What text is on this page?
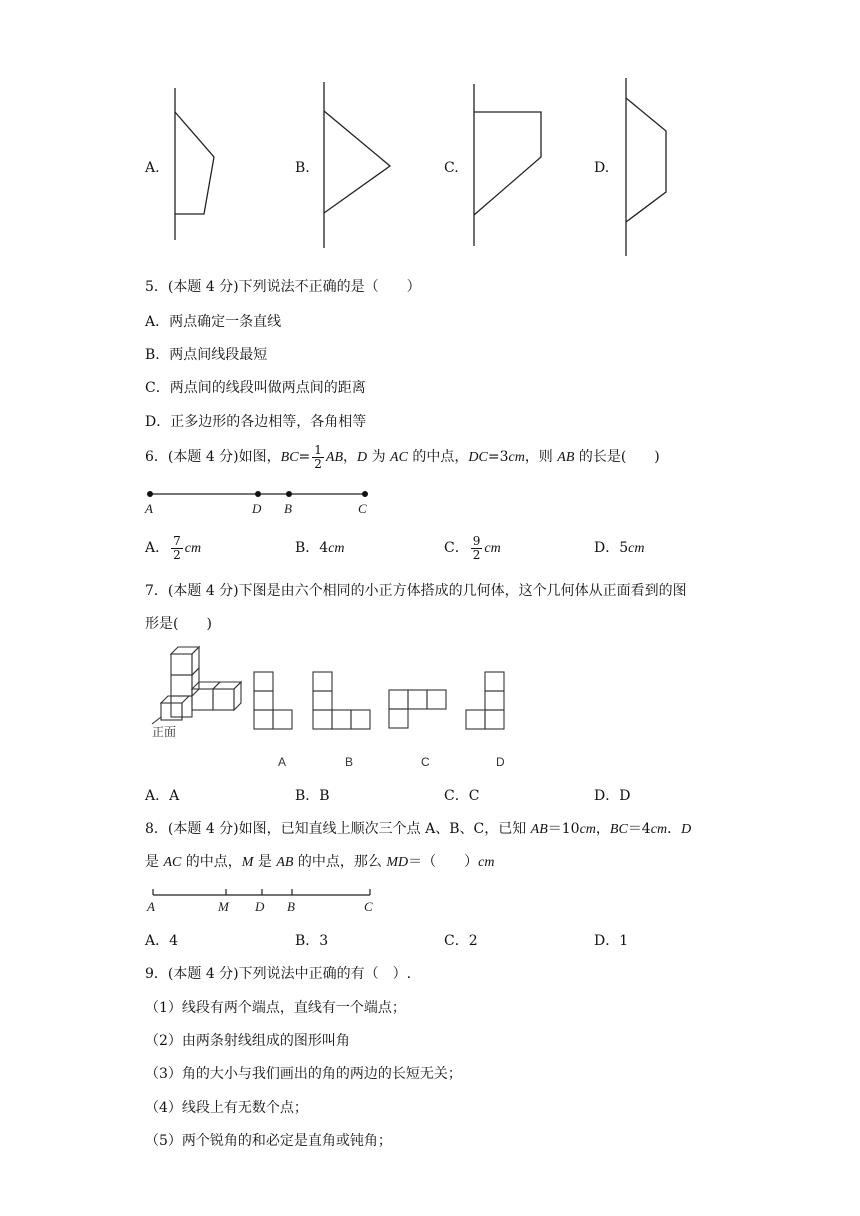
A.	B.	C.	D.
5．(本题 4 分)下列说法不正确的是（　　）
A．两点确定一条直线
B．两点间线段最短
C．两点间的线段叫做两点间的距离
D．正多边形的各边相等，各角相等
6．(本题 4 分)如图，$BC= \frac{1}{2}$ AB，D 为 AC 的中点，DC=3cm，则 AB 的长是(　　)
A	D B	C
A． $\frac{7}{2}$ cm	B．4cm	C． $\frac{9}{2}$ cm	D．5cm
7．(本题 4 分)下图是由六个相同的小正方体搭成的几何体，这个几何体从正面看到的图
形是(　　)
正面
A	B	C	D
A．A	B．B	C．C	D．D
8．(本题 4 分)如图，已知直线上顺次三个点 A、B、C，已知 AB＝10cm，BC＝4cm．D
是 AC 的中点，M 是 AB 的中点，那么 MD＝（　　）cm
A	M D B	C
A．4	B．3	C．2	D．1
9．(本题 4 分)下列说法中正确的有（　）.
（1）线段有两个端点，直线有一个端点；
（2）由两条射线组成的图形叫角
（3）角的大小与我们画出的角的两边的长短无关；
（4）线段上有无数个点；
（5）两个锐角的和必定是直角或钝角；
